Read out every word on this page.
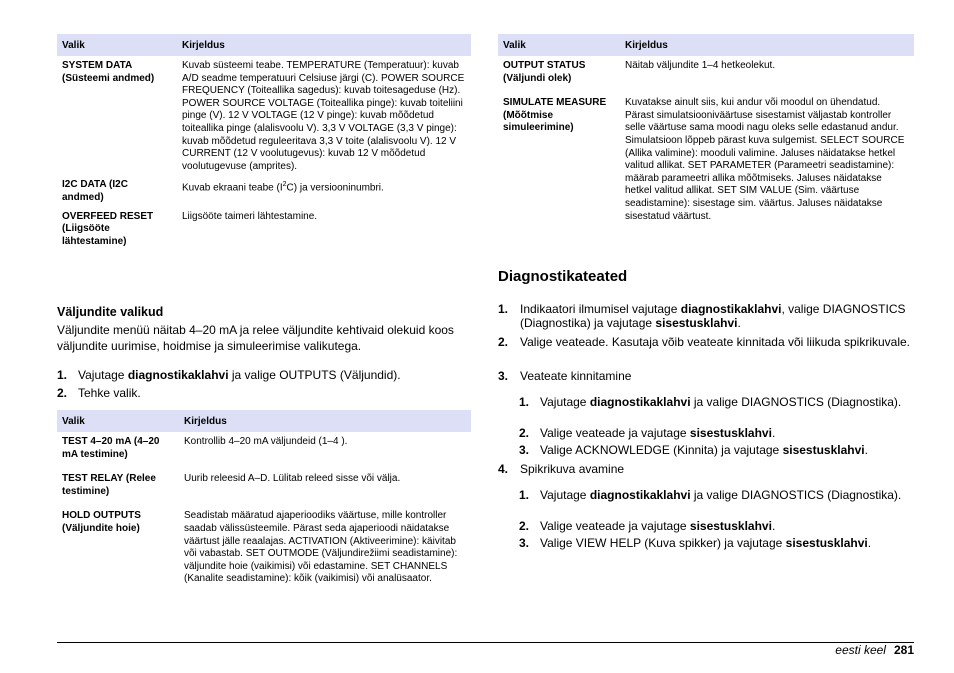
Valik	Kirjeldus
SYSTEM DATA (Süsteemi andmed)	Kuvab süsteemi teabe. TEMPERATURE (Temperatuur): kuvab A/D seadme temperatuuri Celsiuse järgi (C). POWER SOURCE FREQUENCY (Toiteallika sagedus): kuvab toitesageduse (Hz). POWER SOURCE VOLTAGE (Toiteallika pinge): kuvab toiteliini pinge (V). 12 V VOLTAGE (12 V pinge): kuvab mõõdetud toiteallika pinge (alalisvoolu V). 3,3 V VOLTAGE (3,3 V pinge): kuvab mõõdetud reguleeritava 3,3 V toite (alalisvoolu V). 12 V CURRENT (12 V voolutugevus): kuvab 12 V mõõdetud voolutugevuse (amprites).
I2C DATA (I2C andmed)	Kuvab ekraani teabe $(I^2C)$ ja versiooninumbri.
OVERFEED RESET (Liigsööte lähtestamine)	Liigsööte taimeri lähtestamine.
Väljundite valikud

Väljundite menüü näitab 4–20 mA ja relee väljundite kehtivaid olekuid koos väljundite uurimise, hoidmise ja simuleerimise valikutega.

1. Vajutage diagnostikaklahvi ja valige OUTPUTS (Väljundid).
2. Tehke valik.
Valik	Kirjeldus
TEST 4–20 mA (4–20 mA testimine)	Kontrollib 4–20 mA väljundeid (1–4 ).
TEST RELAY (Relee testimine)	Uurib releesid A–D. Lülitab releed sisse või välja.
HOLD OUTPUTS (Väljundite hoie)	Seadistab määratud ajaperioodiks väärtuse, mille kontroller saadab välissüsteemile. Pärast seda ajaperioodi näidatakse väärtust jälle reaalajas. ACTIVATION (Aktiveerimine): käivitab või vabastab. SET OUTMODE (Väljundirežiimi seadistamine): väljundite hoie (vaikimisi) või edastamine. SET CHANNELS (Kanalite seadistamine): kõik (vaikimisi) või analüsaator.
Valik	Kirjeldus
OUTPUT STATUS (Väljundi olek)	Näitab väljundite 1–4 hetkeolekut.
SIMULATE MEASURE (Mõõtmise simuleerimine)	Kuvatakse ainult siis, kui andur või moodul on ühendatud. Pärast simulatsiooniväärtuse sisestamist väljastab kontroller selle väärtuse sama moodi nagu oleks selle edastanud andur. Simulatsioon lõppeb pärast kuva sulgemist. SELECT SOURCE (Allika valimine): mooduli valimine. Jaluses näidatakse hetkel valitud allikat. SET PARAMETER (Parameetri seadistamine): määrab parameetri allika mõõtmiseks. Jaluses näidatakse hetkel valitud allikat. SET SIM VALUE (Sim. väärtuse seadistamine): sisestage sim. väärtus. Jaluses näidatakse sisestatud väärtust.
Diagnostikateated
1. Indikaatori ilmumisel vajutage diagnostikaklahvi, valige DIAGNOSTICS (Diagnostika) ja vajutage sisestusklahvi.
2. Valige veateade. Kasutaja võib veateate kinnitada või liikuda spikrikuvale.
3. Veateate kinnitamine
1. Vajutage diagnostikaklahvi ja valige DIAGNOSTICS (Diagnostika).
2. Valige veateade ja vajutage sisestusklahvi.
3. Valige ACKNOWLEDGE (Kinnita) ja vajutage sisestusklahvi.
4. Spikrikuva avamine
1. Vajutage diagnostikaklahvi ja valige DIAGNOSTICS (Diagnostika).
2. Valige veateade ja vajutage sisestusklahvi.
3. Valige VIEW HELP (Kuva spikker) ja vajutage sisestusklahvi.
eesti keel 281
